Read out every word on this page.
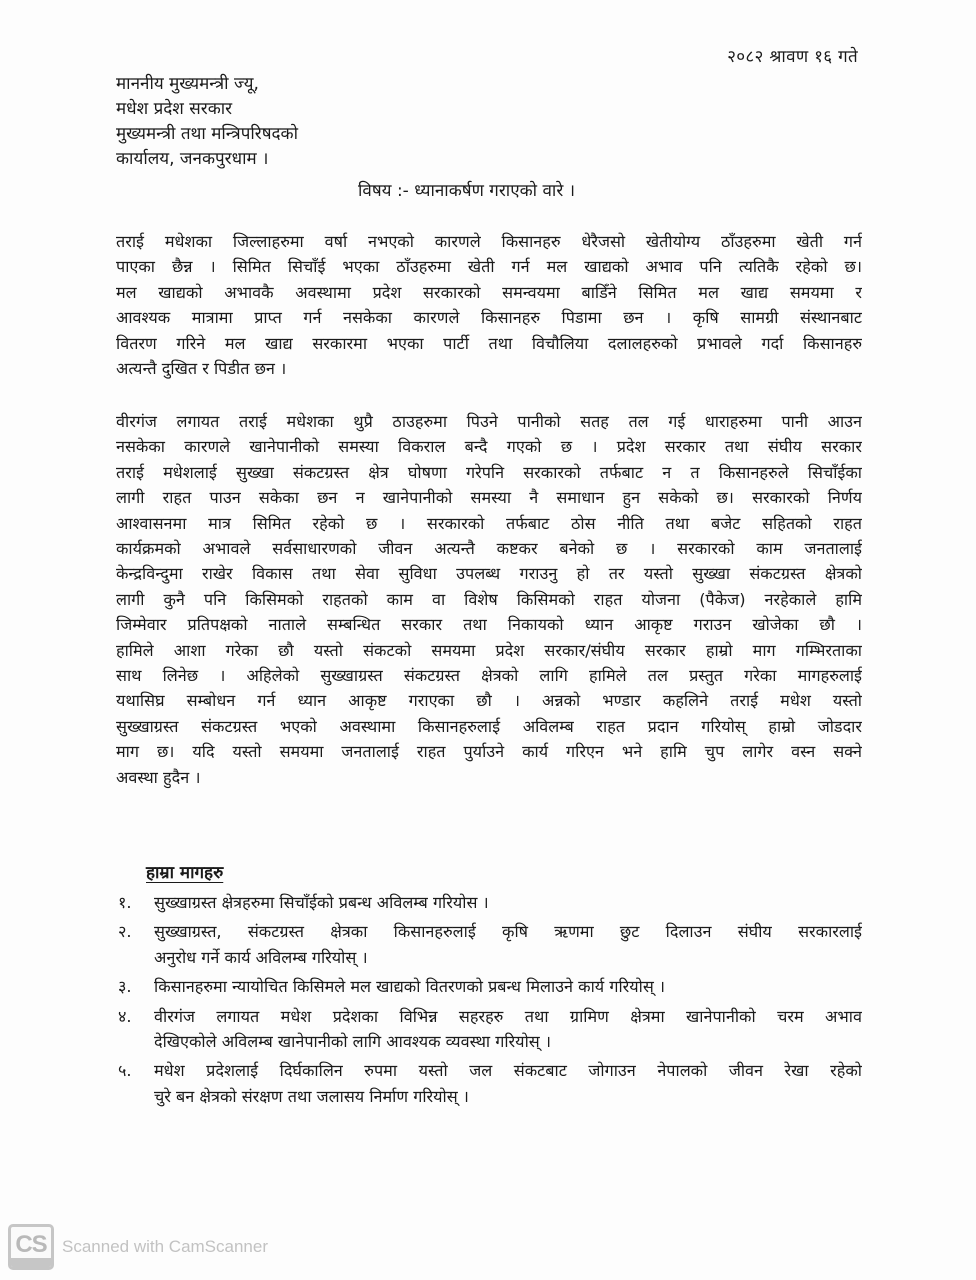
२०८२ श्रावण १६ गते
माननीय मुख्यमन्त्री ज्यू,
मधेश प्रदेश सरकार
मुख्यमन्त्री तथा मन्त्रिपरिषदको
कार्यालय, जनकपुरधाम ।
विषय :- ध्यानाकर्षण गराएको वारे ।
तराई मधेशका जिल्लाहरुमा वर्षा नभएको कारणले किसानहरु धेरैजसो खेतीयोग्य ठाँउहरुमा खेती गर्न
पाएका छैन्न । सिमित सिचाँई भएका ठाँउहरुमा खेती गर्न मल खाद्यको अभाव पनि त्यतिकै रहेको छ।
मल खाद्यको अभावकै अवस्थामा प्रदेश सरकारको समन्वयमा बाडिँने सिमित मल खाद्य समयमा र
आवश्यक मात्रामा प्राप्त गर्न नसकेका कारणले किसानहरु पिडामा छन । कृषि सामग्री संस्थानबाट
वितरण गरिने मल खाद्य सरकारमा भएका पार्टी तथा विचौलिया दलालहरुको प्रभावले गर्दा किसानहरु
अत्यन्तै दुखित र पिडीत छन ।
वीरगंज लगायत तराई मधेशका थुप्रै ठाउहरुमा पिउने पानीको सतह तल गई धाराहरुमा पानी आउन
नसकेका कारणले खानेपानीको समस्या विकराल बन्दै गएको छ । प्रदेश सरकार तथा संघीय सरकार
तराई मधेशलाई सुख्खा संकटग्रस्त क्षेत्र घोषणा गरेपनि सरकारको तर्फबाट न त किसानहरुले सिचाँईका
लागी राहत पाउन सकेका छन न खानेपानीको समस्या नै समाधान हुन सकेको छ। सरकारको निर्णय
आश्वासनमा मात्र सिमित रहेको छ । सरकारको तर्फबाट ठोस नीति तथा बजेट सहितको राहत
कार्यक्रमको अभावले सर्वसाधारणको जीवन अत्यन्तै कष्टकर बनेको छ । सरकारको काम जनतालाई
केन्द्रविन्दुमा राखेर विकास तथा सेवा सुविधा उपलब्ध गराउनु हो तर यस्तो सुख्खा संकटग्रस्त क्षेत्रको
लागी कुनै पनि किसिमको राहतको काम वा विशेष किसिमको राहत योजना (पैकेज) नरहेकाले हामि
जिम्मेवार प्रतिपक्षको नाताले सम्बन्धित सरकार तथा निकायको ध्यान आकृष्ट गराउन खोजेका छौ ।
हामिले आशा गरेका छौ यस्तो संकटको समयमा प्रदेश सरकार/संघीय सरकार हाम्रो माग गम्भिरताका
साथ लिनेछ । अहिलेको सुख्खाग्रस्त संकटग्रस्त क्षेत्रको लागि हामिले तल प्रस्तुत गरेका मागहरुलाई
यथासिघ्र सम्बोधन गर्न ध्यान आकृष्ट गराएका छौ । अन्नको भण्डार कहलिने तराई मधेश यस्तो
सुख्खाग्रस्त संकटग्रस्त भएको अवस्थामा किसानहरुलाई अविलम्ब राहत प्रदान गरियोस् हाम्रो जोडदार
माग छ। यदि यस्तो समयमा जनतालाई राहत पुर्याउने कार्य गरिएन भने हामि चुप लागेर वस्न सक्ने
अवस्था हुदैन ।
हाम्रा मागहरु
१. सुख्खाग्रस्त क्षेत्रहरुमा सिचाँईको प्रबन्ध अविलम्ब गरियोस ।
२. सुख्खाग्रस्त, संकटग्रस्त क्षेत्रका किसानहरुलाई कृषि ऋणमा छुट दिलाउन संघीय सरकारलाई
अनुरोध गर्ने कार्य अविलम्ब गरियोस् ।
३. किसानहरुमा न्यायोचित किसिमले मल खाद्यको वितरणको प्रबन्ध मिलाउने कार्य गरियोस् ।
४. वीरगंज लगायत मधेश प्रदेशका विभिन्न सहरहरु तथा ग्रामिण क्षेत्रमा खानेपानीको चरम अभाव
देखिएकोले अविलम्ब खानेपानीको लागि आवश्यक व्यवस्था गरियोस् ।
५. मधेश प्रदेशलाई दिर्घकालिन रुपमा यस्तो जल संकटबाट जोगाउन नेपालको जीवन रेखा रहेको
चुरे बन क्षेत्रको संरक्षण तथा जलासय निर्माण गरियोस् ।
CS Scanned with CamScanner
